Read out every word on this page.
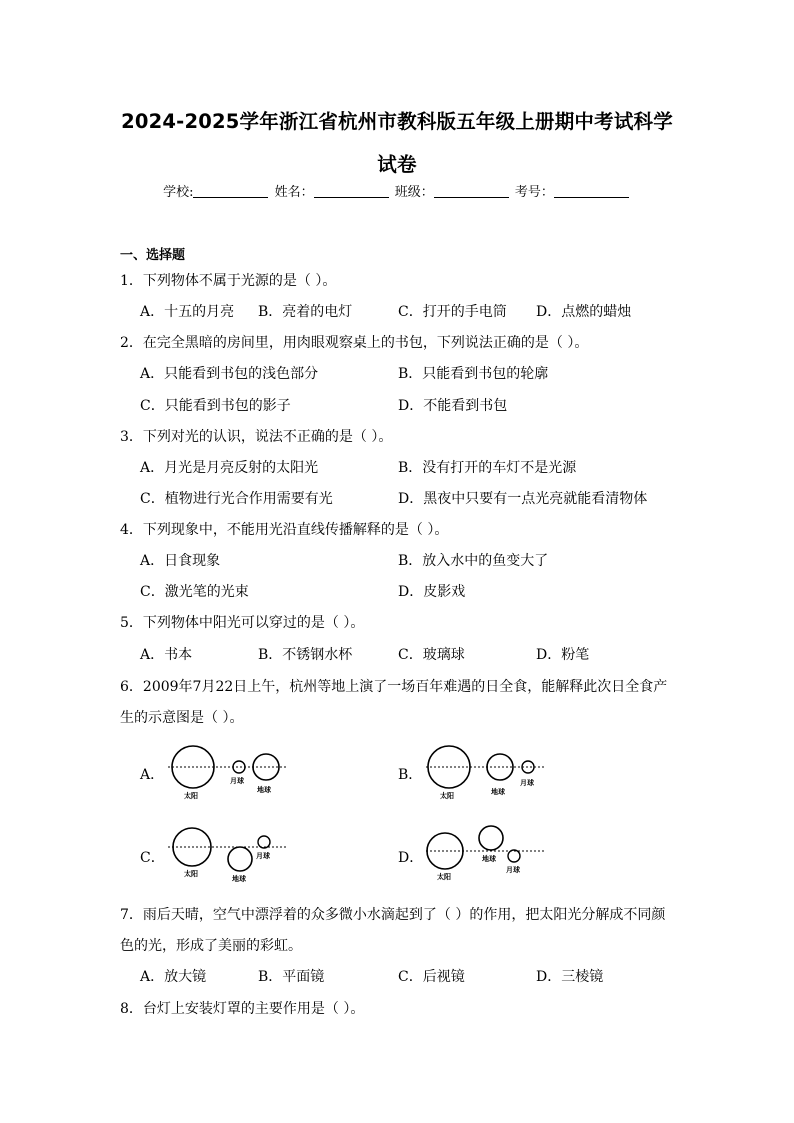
2024-2025学年浙江省杭州市教科版五年级上册期中考试科学
试卷
学校:	姓名：	班级：	考号：
一、选择题
1．下列物体不属于光源的是（ ）。
A．十五的月亮 B．亮着的电灯	C．打开的手电筒 D．点燃的蜡烛
2．在完全黑暗的房间里，用肉眼观察桌上的书包，下列说法正确的是（ ）。
A．只能看到书包的浅色部分	B．只能看到书包的轮廓
C．只能看到书包的影子	D．不能看到书包
3．下列对光的认识，说法不正确的是（ ）。
A．月光是月亮反射的太阳光	B．没有打开的车灯不是光源
C．植物进行光合作用需要有光	D．黑夜中只要有一点光亮就能看清物体
4．下列现象中，不能用光沿直线传播解释的是（ ）。
A．日食现象	B．放入水中的鱼变大了
C．激光笔的光束	D．皮影戏
5．下列物体中阳光可以穿过的是（ ）。
A．书本	B．不锈钢水杯	C．玻璃球	D．粉笔
6．2009年7月22日上午，杭州等地上演了一场百年难遇的日全食，能解释此次日全食产
生的示意图是（ ）。
A．
太阳
月球
地球
B．
太阳	地球
月球
C．
太阳
地球
月球	D．
太阳
地球
月球
7．雨后天晴，空气中漂浮着的众多微小水滴起到了（ ）的作用，把太阳光分解成不同颜
色的光，形成了美丽的彩虹。
A．放大镜	B．平面镜	C．后视镜	D．三棱镜
8．台灯上安装灯罩的主要作用是（ ）。
